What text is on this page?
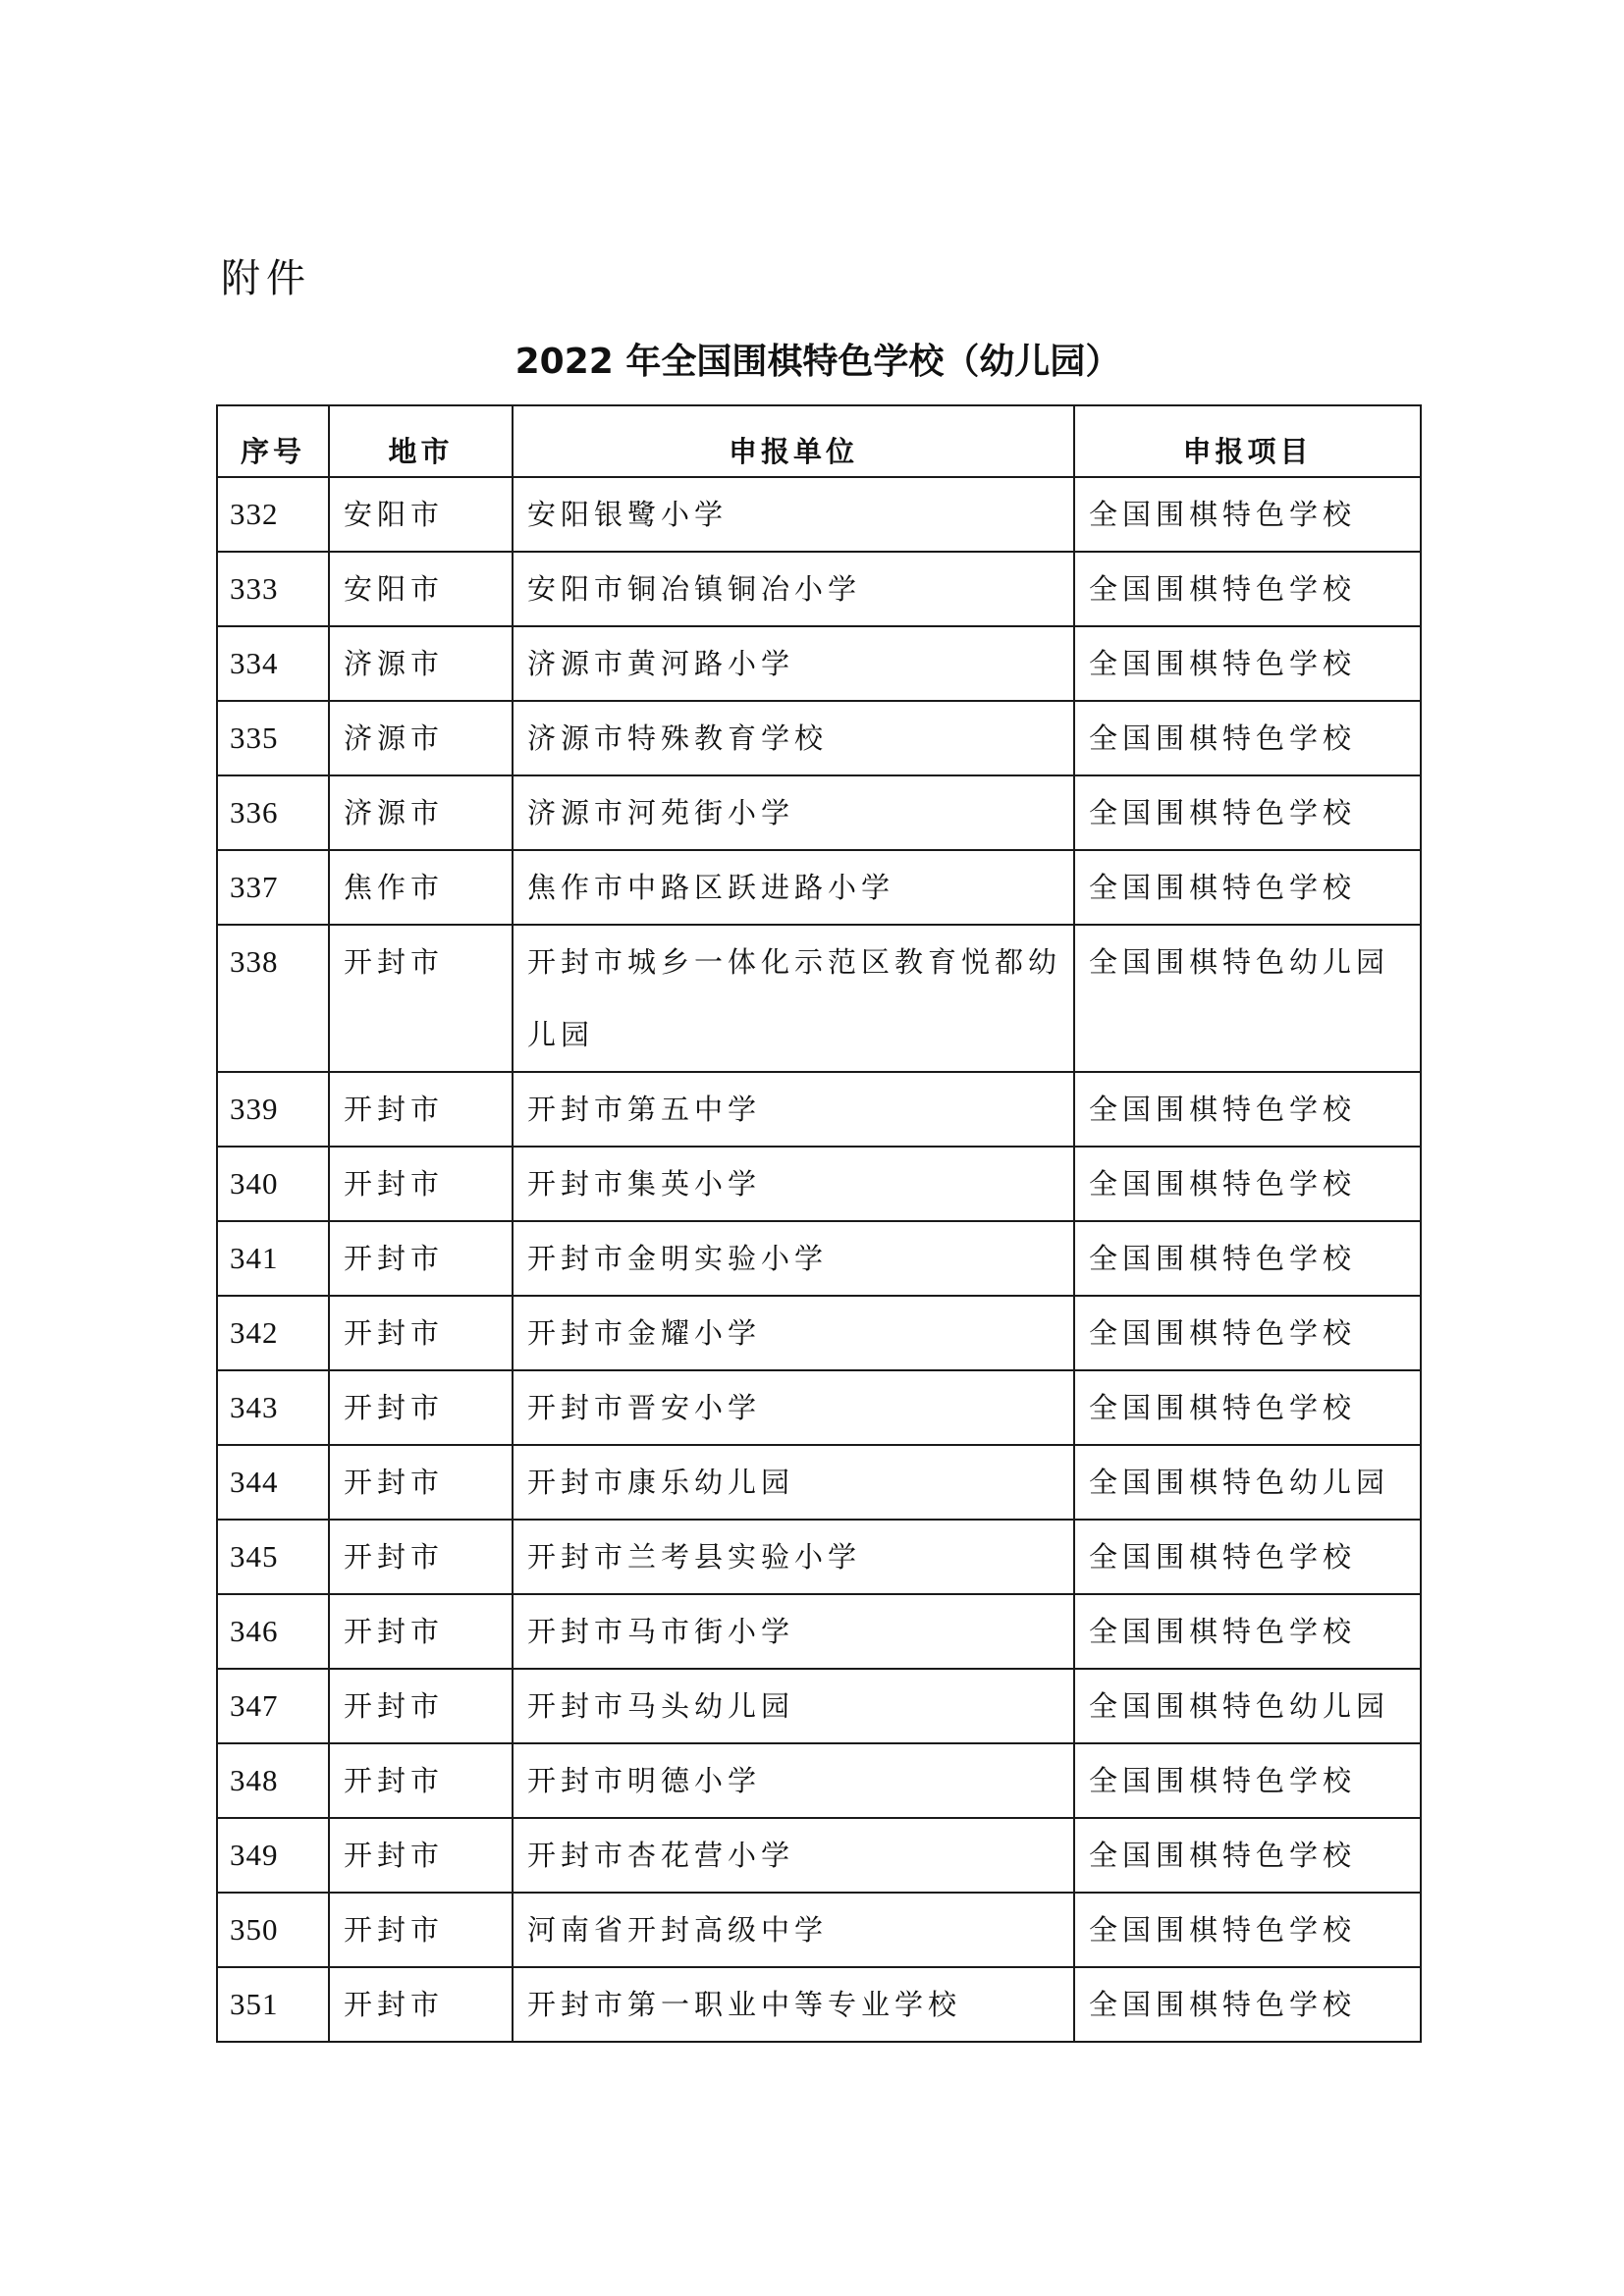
附件
2022 年全国围棋特色学校（幼儿园）
序号	地市	申报单位	申报项目
332	安阳市	安阳银鹭小学	全国围棋特色学校
333	安阳市	安阳市铜冶镇铜冶小学	全国围棋特色学校
334	济源市	济源市黄河路小学	全国围棋特色学校
335	济源市	济源市特殊教育学校	全国围棋特色学校
336	济源市	济源市河苑街小学	全国围棋特色学校
337	焦作市	焦作市中路区跃进路小学	全国围棋特色学校
338	开封市	开封市城乡一体化示范区教育悦都幼儿园	全国围棋特色幼儿园
339	开封市	开封市第五中学	全国围棋特色学校
340	开封市	开封市集英小学	全国围棋特色学校
341	开封市	开封市金明实验小学	全国围棋特色学校
342	开封市	开封市金耀小学	全国围棋特色学校
343	开封市	开封市晋安小学	全国围棋特色学校
344	开封市	开封市康乐幼儿园	全国围棋特色幼儿园
345	开封市	开封市兰考县实验小学	全国围棋特色学校
346	开封市	开封市马市街小学	全国围棋特色学校
347	开封市	开封市马头幼儿园	全国围棋特色幼儿园
348	开封市	开封市明德小学	全国围棋特色学校
349	开封市	开封市杏花营小学	全国围棋特色学校
350	开封市	河南省开封高级中学	全国围棋特色学校
351	开封市	开封市第一职业中等专业学校	全国围棋特色学校
